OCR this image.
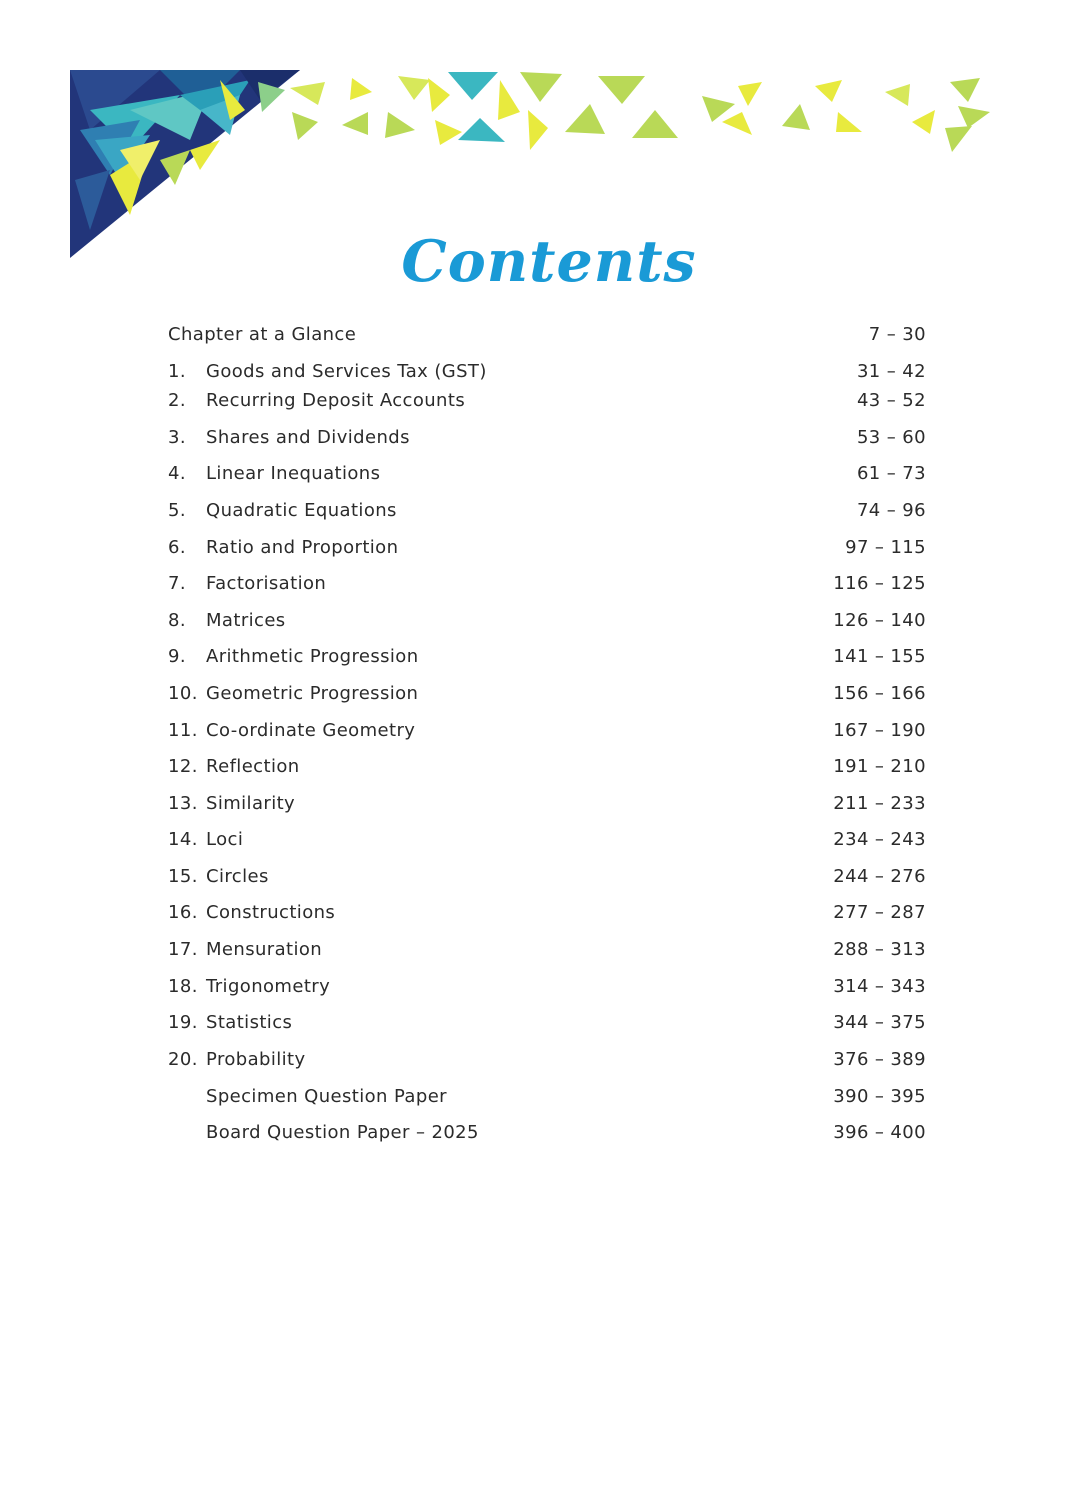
Contents
Chapter at a Glance	7 – 30
1. Goods and Services Tax (GST)	31 – 42
2. Recurring Deposit Accounts	43 – 52
3. Shares and Dividends	53 – 60
4. Linear Inequations	61 – 73
5. Quadratic Equations	74 – 96
6. Ratio and Proportion	97 – 115
7. Factorisation	116 – 125
8. Matrices	126 – 140
9. Arithmetic Progression	141 – 155
10. Geometric Progression	156 – 166
11. Co-ordinate Geometry	167 – 190
12. Reflection	191 – 210
13. Similarity	211 – 233
14. Loci	234 – 243
15. Circles	244 – 276
16. Constructions	277 – 287
17. Mensuration	288 – 313
18. Trigonometry	314 – 343
19. Statistics	344 – 375
20. Probability	376 – 389
Specimen Question Paper	390 – 395
Board Question Paper – 2025	396 – 400
